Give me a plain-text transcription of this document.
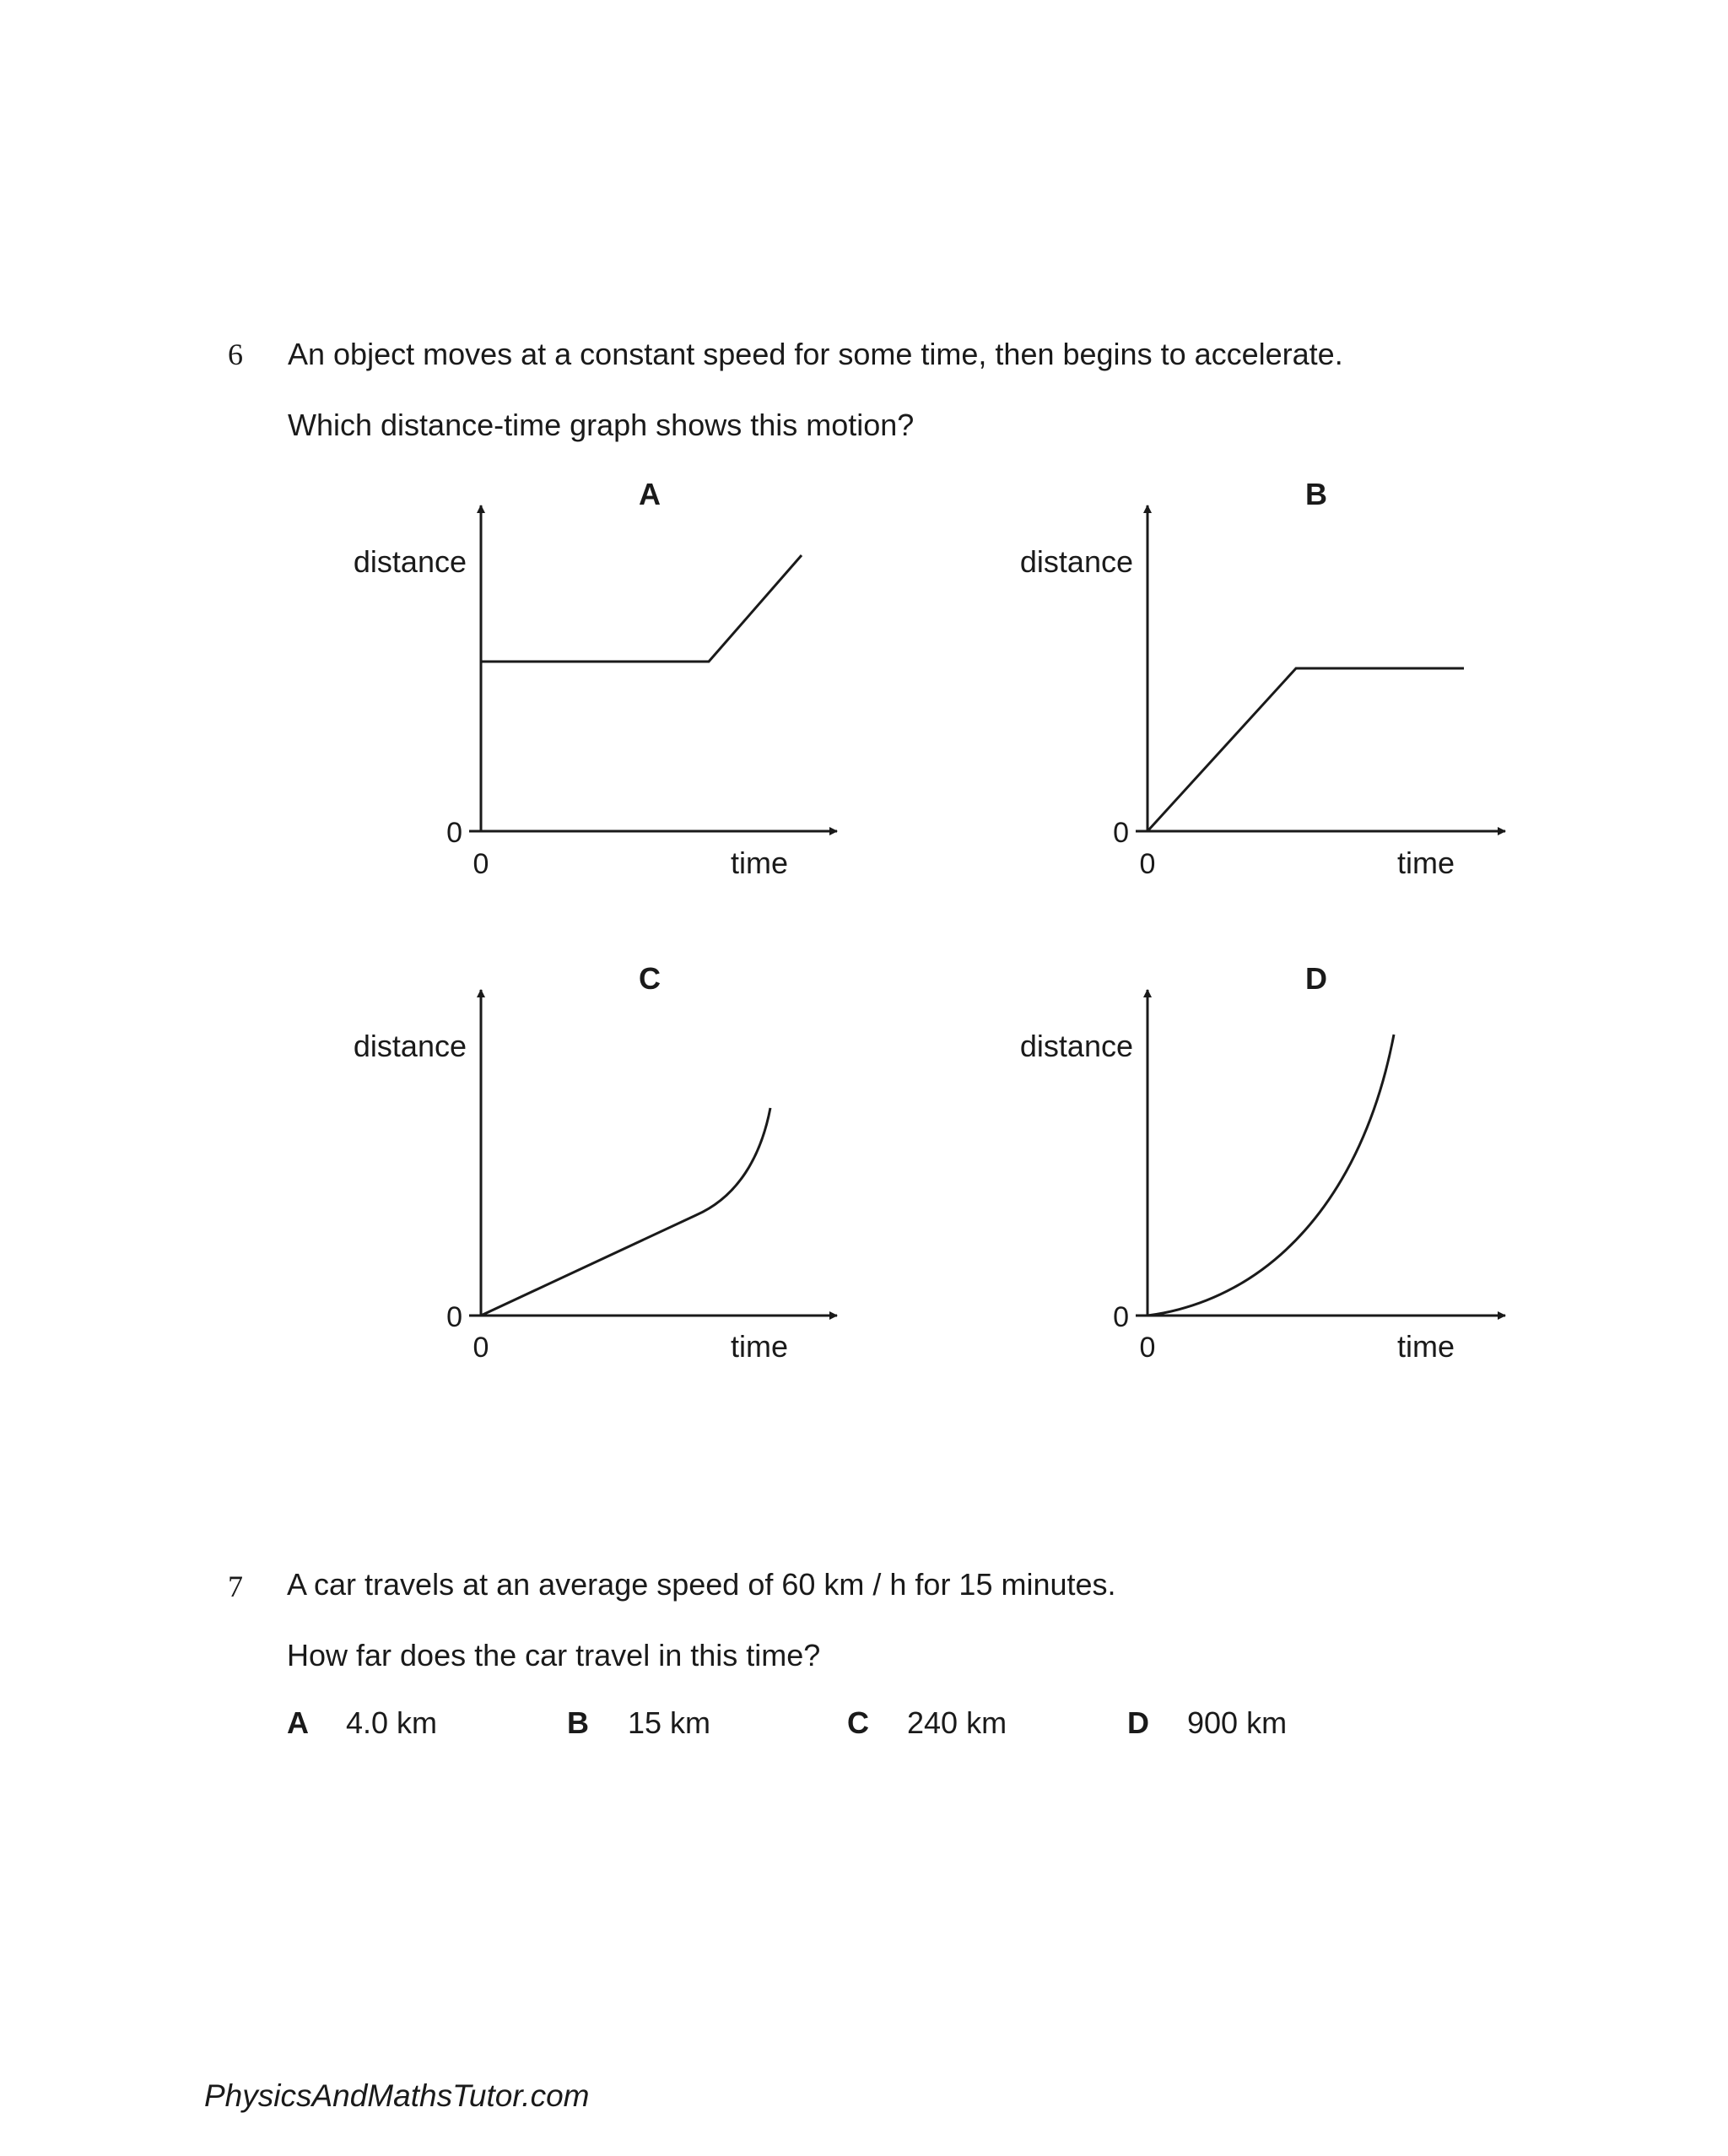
6 An object moves at a constant speed for some time, then begins to accelerate.
Which distance-time graph shows this motion?
A
distance
time
0
0
B
distance
time
0
0
C
distance
time
0
0
D
distance
time
0
0
7 A car travels at an average speed of 60 km / h for 15 minutes.
How far does the car travel in this time?
A 4.0 km	B 15 km	C 240 km	D 900 km
PhysicsAndMathsTutor.com
